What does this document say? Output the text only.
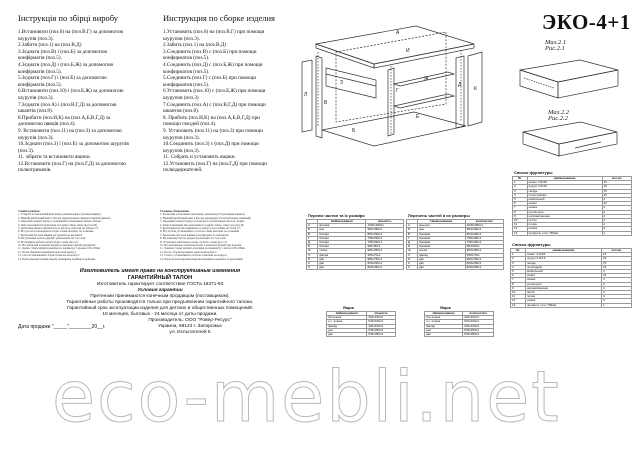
Інструкція по збірці виробу
1.Встановити (поз.6) на (поз.В,Г) за допомогою
шурупів (поз.3).
2.Забити (поз.1) на (поз.В,Д)
3.Зєднати (поз.В) і (поз.Б) за допомогою
конфірматів (поз.5).
4.Зєднати (поз.Д) і (поз.Б,Ж) за допомогою
конфірматів (поз.5).
5.Зєднати (поз.Г) і (поз.Б) за допомогою
конфірматів (поз.5).
6.Встановити (поз.10) і (поз.Б,Ж) за допомогою
шурупів (поз.3).
7.Зєднати (поз.А) і (поз.В,Г,Д) за допомогою
шкантів (поз.8).
8.Прибити (поз.И,К) на (поз.А,Б,В,Г,Д) за
допомогою цвяців (поз.4).
9. Встановити (поз.11) на (поз.3) за допомогою
шурупів (поз.3).
10.Зєднати (поз.3) і (поз.Е) за допомогою шурупів
(поз.3).
11. зібрати та встановити ящики.
12.Встановити (поз.Г) на (поз.Г,Д) за допомогою
полкотримачів.
Инструкция по сборке изделия
1.Установить (поз.6) на (поз.В,Г) при помощи
шурупов (поз.3).
2.Забить (поз.1) на (поз.В,Д)
3.Соединить (поз.В) с (поз.Б) при помощи
конфирматов (поз.5).
4.Соединить (поз.Д) с (поз.Б,Ж) при помощи
конфирматов (поз.5).
5.Соединить (поз.Г) с (поз.Б) при помощи
конфирматов (поз.5).
6.Установить (поз.10) с (поз.Б,Ж) при помощи
шурупов (поз.3)
7.Соединить (поз.А) с (поз.В,Г,Д) при помощи
шкантов (поз.8).
8. Прибить (поз.И,К) на (поз.А,Б,В,Г,Д) при
помощи гвоздей (поз.4).
9. Установить (поз.11) на (поз.3) при помощи
шурупов (поз.3).
10.Соединить (поз.3) с (поз.Д) при помощи
шурупов (поз.3).
11. Собрать и установить ящики.
12.Установить (поз.Г) на (поз.Г,Д) при помощи
полкодержателей.
ЭКО-4+1
А
Б
В
Г
Д
Е
Ж
З
И
К
Л
Мал.2.1
Рис.2.1
Мал.2.2
Рис.2.2
Список фурнитуры
№	наименование	кол-во
1	шкант 3,0х25	16
2	шуруп 3,5х16	16
3	гвоздь	70
4	полкотримач	16
5	мебельный	4
6	шкант	22
7	ножка	4
8	ручка-купе	2
9	направляющие	4
10	петля	2
11	полка	4
12	ножка	4
13	профиль стол 790мм	1
Список фурнитуры
№	наименование	кол-во
1	шкант 3,0х25	16
2	шуруп 3,5х16	16
3	гвоздь	70
4	полкодерж	16
5	мебельный	4
6	шкант	22
7	ножка	4
8	ручка-купе	2
9	направляющие	4
10	петля	2
11	полка	4
12	ножка	4
13	профиль стол 790мм	1
Умовні позначки
1. У виробі встановлений кріплення, рекомендовано (позиції ящиків)
2. Нижній кріпильний винт в фасаді рекомендовано використовувати (нижнє)
3. Передній елемент корпусу розмічений в позначених місцях зборки
4. Підготовлений тип кріплення на задній стінці, знизу під (поз.В)
5. Кріплення щільно притискати до корпусу, відстань не більше 1/3
6. Всі деталі встановлювати згідно схеми монтажу по позиціям
7. Кріплення фасадів ящиків регулювати по вертикалі
8. Регулювання петель дверцят здійснювати по 3-м осям
9. Встановити меблеві опори згідно схеми (поз.11)
10. Всі кріпильні елементи входять в комплект фурнітури виробу
11. Задню стінку кріпити цвяхами по периметру з кроком 100-150мм
12. Після збирання перевірити діагоналі корпусу
13. Скло встановлювати згідно позначок на корпусі
14. Перед використанням виробу перевірити надійність кріплень
Условные обозначения
1. В изделии установлено крепление, рекомендуется (позиции ящиков)
2. Нижний крепёжный винт в фасаде рекомендуется использовать (нижний)
3. Передний элемент корпуса размечен в обозначенных местах сборки
4. Подготовленный тип крепления на задней стенке, снизу под (поз.В)
5. Крепления плотно прижимать к корпусу, расстояние не более 1/3
6. Все детали устанавливать согласно схеме монтажа по позициям
7. Крепление фасадов ящиков регулировать по вертикали
8. Регулировку петель дверок производить по 3-м осям
9. Установить мебельные опоры согласно схеме (поз.11)
10. Все крепёжные элементы входят в комплект фурнитуры изделия
11. Заднюю стенку крепить гвоздями по периметру с шагом 100-150мм
12. После сборки проверить диагонали корпуса
13. Стекло устанавливать согласно отметкам на корпусе
14. Перед использованием изделия проверить надёжность креплений
Перелік частин та їх розміри
	Найменування	кількість
А	кришка	1000х390х1
Б	дно	984х390х1
В	бокова	804х390х1
Г	бокова	758х390х1
Д	бокова	758х390х1
Е	бокова	984х80х1
Ж	полка	984х350х1
З	фасад	396х70х1
И	двп	984х750х1
К	двп	829х296х1
Л	двп	829х296х1
Перечень частей и их размеры
	Наименование	количество
А	крышка	1000х390х1
Б	дно	984х390х1
В	боковая	804х390х1
Г	боковая	758х390х1
Д	боковая	758х390х1
Е	боковая	984х80х1
Ж	полка	984х350х1
З	фасад	396х70х1
И	двп	984х750х1
К	двп	829х296х1
Л	двп	829х296х1
Ящик
Найменування	кількість
бік ящика	334х100х4
с.с. ящика	543х100х4
фасад	334х100х4
дно	546х296х4
двп	546х355х4
Ящик
Наименование	количество
бок ящика	334х100х4
с.с. ящика	543х100х4
фасад	334х100х4
дно	546х296х4
двп	546х355х4
Изготовитель имеет право на конструктивные изменения
ГАРАНТИЙНЫЙ ТАЛОН
Изготовитель гарантирует соответствие ГОСТа 16371-93
Условия гарантии
Претензии принимаются конечным продавцом (поставщиком).
Гарантийные работы производятся только при предъявлении гарантийного талона.
Гарантийный срок эксплуатации изделия для детских и общественных помещений:
18 месяцев, бытовых - 24 месяца от даты продажи.
Дата продажи "_____"________20__г.
Производитель: ООО "Ровер-Ресурс"
Украина, 69124 г. Запорожье
ул. Испытателей 5
eco-mebli.net
